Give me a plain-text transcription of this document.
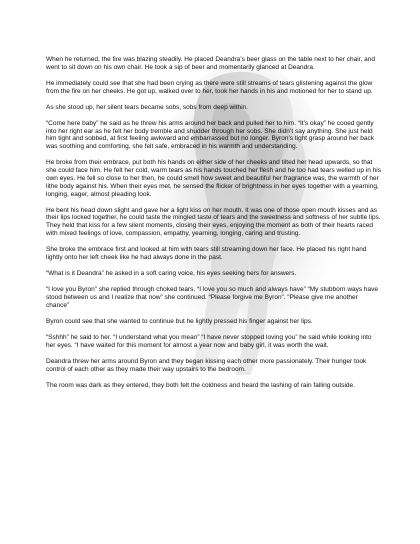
When he returned, the fire was blazing steadily. He placed Deandra’s beer glass on the table next to her chair, and went to sit down on his own chair. He took a sip of beer and momentarily glanced at Deandra.

He immediately could see that she had been crying as there were still streams of tears glistening against the glow from the fire on her cheeks. He got up, walked over to her, took her hands in his and motioned for her to stand up.

As she stood up, her silent tears became sobs, sobs from deep within.

“Come here baby” he said as he threw his arms around her back and pulled her to him. “It’s okay” he cooed gently into her right ear as he felt her body tremble and shudder through her sobs. She didn’t say anything. She just held him tight and sobbed, at first feeling awkward and embarrassed but no longer. Byron’s tight grasp around her back was soothing and comforting, she felt safe, embraced in his warmth and understanding.

He broke from their embrace, put both his hands on either side of her cheeks and tilted her head upwards, so that she could face him. He felt her cold, warm tears as his hands touched her flesh and he too had tears welled up in his own eyes. He fell so close to her then, he could smell how sweet and beautiful her fragrance was, the warmth of her lithe body against his. When their eyes met, he sensed the flicker of brightness in her eyes together with a yearning, longing, eager, almost pleading look.

He bent his head down slight and gave her a light kiss on her mouth. It was one of those open mouth kisses and as their lips locked together, he could taste the mingled taste of tears and the sweetness and softness of her subtle lips. They held that kiss for a few silent moments, closing their eyes, enjoying the moment as both of their hearts raced with mixed feelings of love, compassion, empathy, yearning, longing, caring and trusting.

She broke the embrace first and looked at him with tears still streaming down her face. He placed his right hand lightly onto her left cheek like he had always done in the past.

“What is it Deandra” he asked in a soft caring voice, his eyes seeking hers for answers.

“I love you Byron” she replied through choked tears. “I love you so much and always have” “My stubborn ways have stood between us and I realize that now” she continued. “Please forgive me Byron”. “Please give me another chance”

Byron could see that she wanted to continue but he lightly pressed his finger against her lips.

“Sshhh” he said to her. “I understand what you mean” “I have never stopped loving you” he said while looking into her eyes. “I have waited for this moment for almost a year now and baby girl, it was worth the wait.

Deandra threw her arms around Byron and they began kissing each other more passionately. Their hunger took control of each other as they made their way upstairs to the bedroom.

The room was dark as they entered, they both felt the coldness and heard the lashing of rain falling outside.
